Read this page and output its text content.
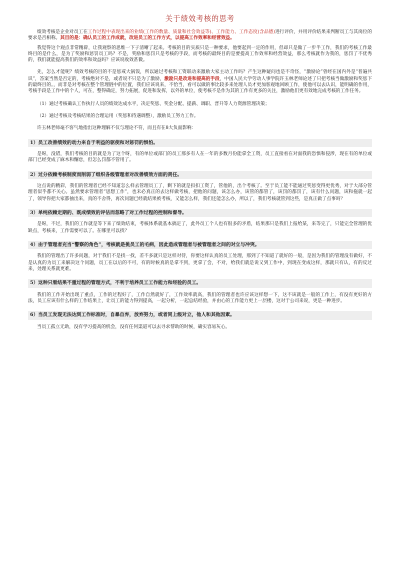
关于绩效考核的思考

绩效考核是企业对员工在工作过程中表现出来的业绩(工作的数量、质量和社会效益等)、工作能力、工作态度(含品德)进行评价，并用评价结果来判断员工与其岗位的要求是否相称。其目的是：确认员工的工作成就，改进员工的工作方式，以提高工作效率和经营效益。

我觉得这个观点非常精辟，让我观察的思维一下子清晰了起来。考核的目的实质只是一种要求，他要起到一定的作用，但却只是做了一步半工作，我们的考核工作最终目的是什么，是为了奖励和惩罚员工吗？不是，奖励和惩罚只是考核的手段，而考核的最终目的是要提高工作效率和经营效益，那么考核就作为我的，惩罚了不优秀的，我们就能提高我们的效率和效益吗？应该说收效甚微。

先，怎么才能呢？绩效考核的目的不是惩戒大锅饭，所以通过考核和工资联动来激励大家主动工作吗？产生这种疑问也是不奇怪，“激励论”曾经在国内外是“普遍共识”，答案当然是否定的，考核绝对不是，或者说不只是为了激励，激励只是改进和提高的手段，中国人民大学劳动人事学院许玉林老师论述了只把考核当做激励和奖惩下的最终目的。，而非是对考核在整个管理链中的位置，我们应该说来，不恰当，看可以做的事比较多来处理人员才更加客观地回顾工作，使他可以去认识，能明确的作用，考核手段是工作中的个人，可在，整得确定，努力拓展，促进和发挥，以外的单位，使考核不是作为其的工作有更多的关注，激励他们更有效地完成考核的工作任务。

（1）通过考核确认工作执行人员的绩效达成水平，决定奖惩、奖金分配、提薪、调职、晋升等人力资源管理决策；
（2）通过考核及考核结果的合理运用（奖惩和待遇调整），激励员工努力工作。

许玉林老师毫不客气地指出这种理解不仅与理论不符，而且有在8大负面影响：

1）员工改善绩效的动力来自于利益的驱使和对惩罚的惧怕。

是呀，没错，我们考核的目的就是为了这个呀，有的单位或部门的员工那多有人在一年的多数月份能拿全工资，员工直接看在对面我的恐惧和侵涉，现在有的单位或部门已经变成了麻木和懈怠，但怎么罚都不管用了。

2）过分依赖考核制度而削弱了组织各级管理者对改善绩效方面的责任。

这点说的精彩，我们的管理者已经不知道怎么样去管理员工了，剩下的就是扣扣工资了，管他的，出个考核了。至于员工能不能通过奖惩变得更优秀，对于大部分管理者似乎都不关心。虽然要求管理者“思想工作”，也未必真正的去这样做考核，把他的问题，该怎么办，该管的都管了，该罚的都罚了，该有什么问题，该和拖就一起了，领导你把大家都抽出来，真的不舍得，再次问题已经就结果被考核，又能怎么样，我们还能怎么办，所以了，我们考核就管到这些，是真正做了点事吗？

3）单纯依赖定期的、既成绩效的评估而忽略了对工作过程的控制和督导。

是呀，不过，我们的工作就是等下来了绩效结束，考核体系就基本搞定了，此外员工个人也有很多的矛盾，结果那只是我们上报给某，来等完了，只能完全管理的优缺点，考核来，工作需要可以了。在哪里可以找？

4）由于管理者充当“警察的角色”，考核就是挑员工的毛病，因此造成管理者与被管理者之间的对立与冲突。

我们的管理出了许多问题，对于我们不是找一找，差不多就只是这样对待，你要这样认真的员工处理，那到了不知道了就好的一般，是因为我们的管理没有做好，不是认真的为员工来解决这个问题，员工在以后的不可，有的时候真的是拿不到，更拿了会，不对，给我们就是说又到工作中，到现在变成这样，那就只有认，有的反过来，处理关系就更难。

5）这种只看结果不重过程的管理方式，不利于培养员工工作能力和经验的员工。

我们的工作开始出现了重点，工作的过程好了，工作自然就好了，工作效率就高，我们的管理者也许应该这样想一下，这不该就是一般的工作上，有没有更好的方法，员工应该有什么样的工作结果上，让员工的能力得到提高，一起分析，一起总结经验，并由心的工作能力更上一层楼，这对于公司来说，更是一种进步。

6）当员工发现无法达到工作标准时，自暴自弃，放弃努力，或者同上级对立，他人和其他因素。

当员工孤立无助，没有学习提高的机会，没有任何渠道可以去寻求帮助的时候，确实容易灰心。
